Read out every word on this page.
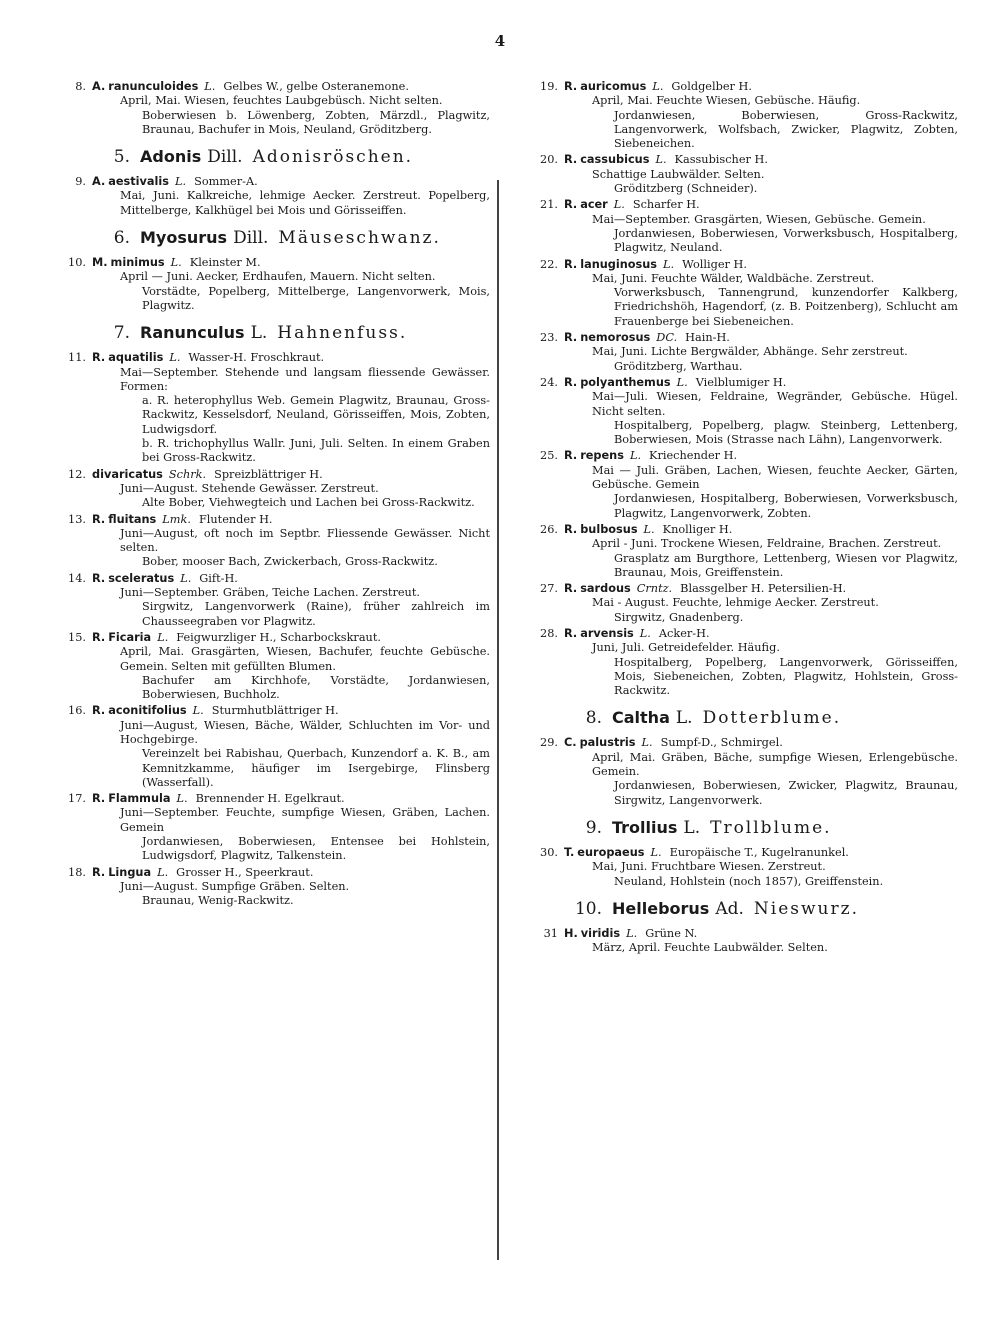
4
8. A. ranunculoides L. Gelbes W., gelbe Osteranemone.
April, Mai. Wiesen, feuchtes Laubgebüsch. Nicht selten.
Boberwiesen b. Löwenberg, Zobten, Märzdl., Plagwitz, Braunau, Bachufer in Mois, Neuland, Gröditzberg.
5. Adonis Dill. Adonisröschen.
9. A. aestivalis L. Sommer-A.
Mai, Juni. Kalkreiche, lehmige Aecker. Zerstreut. Popelberg, Mittelberge, Kalkhügel bei Mois und Görisseiffen.
6. Myosurus Dill. Mäuseschwanz.
10. M. minimus L. Kleinster M.
April — Juni. Aecker, Erdhaufen, Mauern. Nicht selten.
Vorstädte, Popelberg, Mittelberge, Langenvorwerk, Mois, Plagwitz.
7. Ranunculus L. Hahnenfuss.
11. R. aquatilis L. Wasser-H. Froschkraut.
Mai—September. Stehende und langsam fliessende Gewässer. Formen:
a. R. heterophyllus Web. Gemein Plagwitz, Braunau, Gross-Rackwitz, Kesselsdorf, Neuland, Görisseiffen, Mois, Zobten, Ludwigsdorf.
b. R. trichophyllus Wallr. Juni, Juli. Selten. In einem Graben bei Gross-Rackwitz.
12. divaricatus Schrk. Spreizblättriger H.
Juni—August. Stehende Gewässer. Zerstreut.
Alte Bober, Viehwegteich und Lachen bei Gross-Rackwitz.
13. R. fluitans Lmk. Flutender H.
Juni—August, oft noch im Septbr. Fliessende Gewässer. Nicht selten.
Bober, mooser Bach, Zwickerbach, Gross-Rackwitz.
14. R. sceleratus L. Gift-H.
Juni—September. Gräben, Teiche Lachen. Zerstreut.
Sirgwitz, Langenvorwerk (Raine), früher zahlreich im Chausseegraben vor Plagwitz.
15. R. Ficaria L. Feigwurzliger H., Scharbockskraut.
April, Mai. Grasgärten, Wiesen, Bachufer, feuchte Gebüsche. Gemein. Selten mit gefüllten Blumen.
Bachufer am Kirchhofe, Vorstädte, Jordanwiesen, Boberwiesen, Buchholz.
16. R. aconitifolius L. Sturmhutblättriger H.
Juni—August, Wiesen, Bäche, Wälder, Schluchten im Vor- und Hochgebirge.
Vereinzelt bei Rabishau, Querbach, Kunzendorf a. K. B., am Kemnitzkamme, häufiger im Isergebirge, Flinsberg (Wasserfall).
17. R. Flammula L. Brennender H. Egelkraut.
Juni—September. Feuchte, sumpfige Wiesen, Gräben, Lachen. Gemein
Jordanwiesen, Boberwiesen, Entensee bei Hohlstein, Ludwigsdorf, Plagwitz, Talkenstein.
18. R. Lingua L. Grosser H., Speerkraut.
Juni—August. Sumpfige Gräben. Selten.
Braunau, Wenig-Rackwitz.
19. R. auricomus L. Goldgelber H.
April, Mai. Feuchte Wiesen, Gebüsche. Häufig.
Jordanwiesen, Boberwiesen, Gross-Rackwitz, Langenvorwerk, Wolfsbach, Zwicker, Plagwitz, Zobten, Siebeneichen.
20. R. cassubicus L. Kassubischer H.
Schattige Laubwälder. Selten.
Gröditzberg (Schneider).
21. R. acer L. Scharfer H.
Mai—September. Grasgärten, Wiesen, Gebüsche. Gemein.
Jordanwiesen, Boberwiesen, Vorwerksbusch, Hospitalberg, Plagwitz, Neuland.
22. R. lanuginosus L. Wolliger H.
Mai, Juni. Feuchte Wälder, Waldbäche. Zerstreut.
Vorwerksbusch, Tannengrund, kunzendorfer Kalkberg, Friedrichshöh, Hagendorf, (z. B. Poitzenberg), Schlucht am Frauenberge bei Siebeneichen.
23. R. nemorosus DC. Hain-H.
Mai, Juni. Lichte Bergwälder, Abhänge. Sehr zerstreut.
Gröditzberg, Warthau.
24. R. polyanthemus L. Vielblumiger H.
Mai—Juli. Wiesen, Feldraine, Wegränder, Gebüsche. Hügel. Nicht selten.
Hospitalberg, Popelberg, plagw. Steinberg, Lettenberg, Boberwiesen, Mois (Strasse nach Lähn), Langenvorwerk.
25. R. repens L. Kriechender H.
Mai — Juli. Gräben, Lachen, Wiesen, feuchte Aecker, Gärten, Gebüsche. Gemein
Jordanwiesen, Hospitalberg, Boberwiesen, Vorwerksbusch, Plagwitz, Langenvorwerk, Zobten.
26. R. bulbosus L. Knolliger H.
April - Juni. Trockene Wiesen, Feldraine, Brachen. Zerstreut.
Grasplatz am Burgthore, Lettenberg, Wiesen vor Plagwitz, Braunau, Mois, Greiffenstein.
27. R. sardous Crntz. Blassgelber H. Petersilien-H.
Mai - August. Feuchte, lehmige Aecker. Zerstreut.
Sirgwitz, Gnadenberg.
28. R. arvensis L. Acker-H.
Juni, Juli. Getreidefelder. Häufig.
Hospitalberg, Popelberg, Langenvorwerk, Görisseiffen, Mois, Siebeneichen, Zobten, Plagwitz, Hohlstein, Gross-Rackwitz.
8. Caltha L. Dotterblume.
29. C. palustris L. Sumpf-D., Schmirgel.
April, Mai. Gräben, Bäche, sumpfige Wiesen, Erlengebüsche. Gemein.
Jordanwiesen, Boberwiesen, Zwicker, Plagwitz, Braunau, Sirgwitz, Langenvorwerk.
9. Trollius L. Trollblume.
30. T. europaeus L. Europäische T., Kugelranunkel.
Mai, Juni. Fruchtbare Wiesen. Zerstreut.
Neuland, Hohlstein (noch 1857), Greiffenstein.
10. Helleborus Ad. Nieswurz.
31 H. viridis L. Grüne N.
März, April. Feuchte Laubwälder. Selten.
